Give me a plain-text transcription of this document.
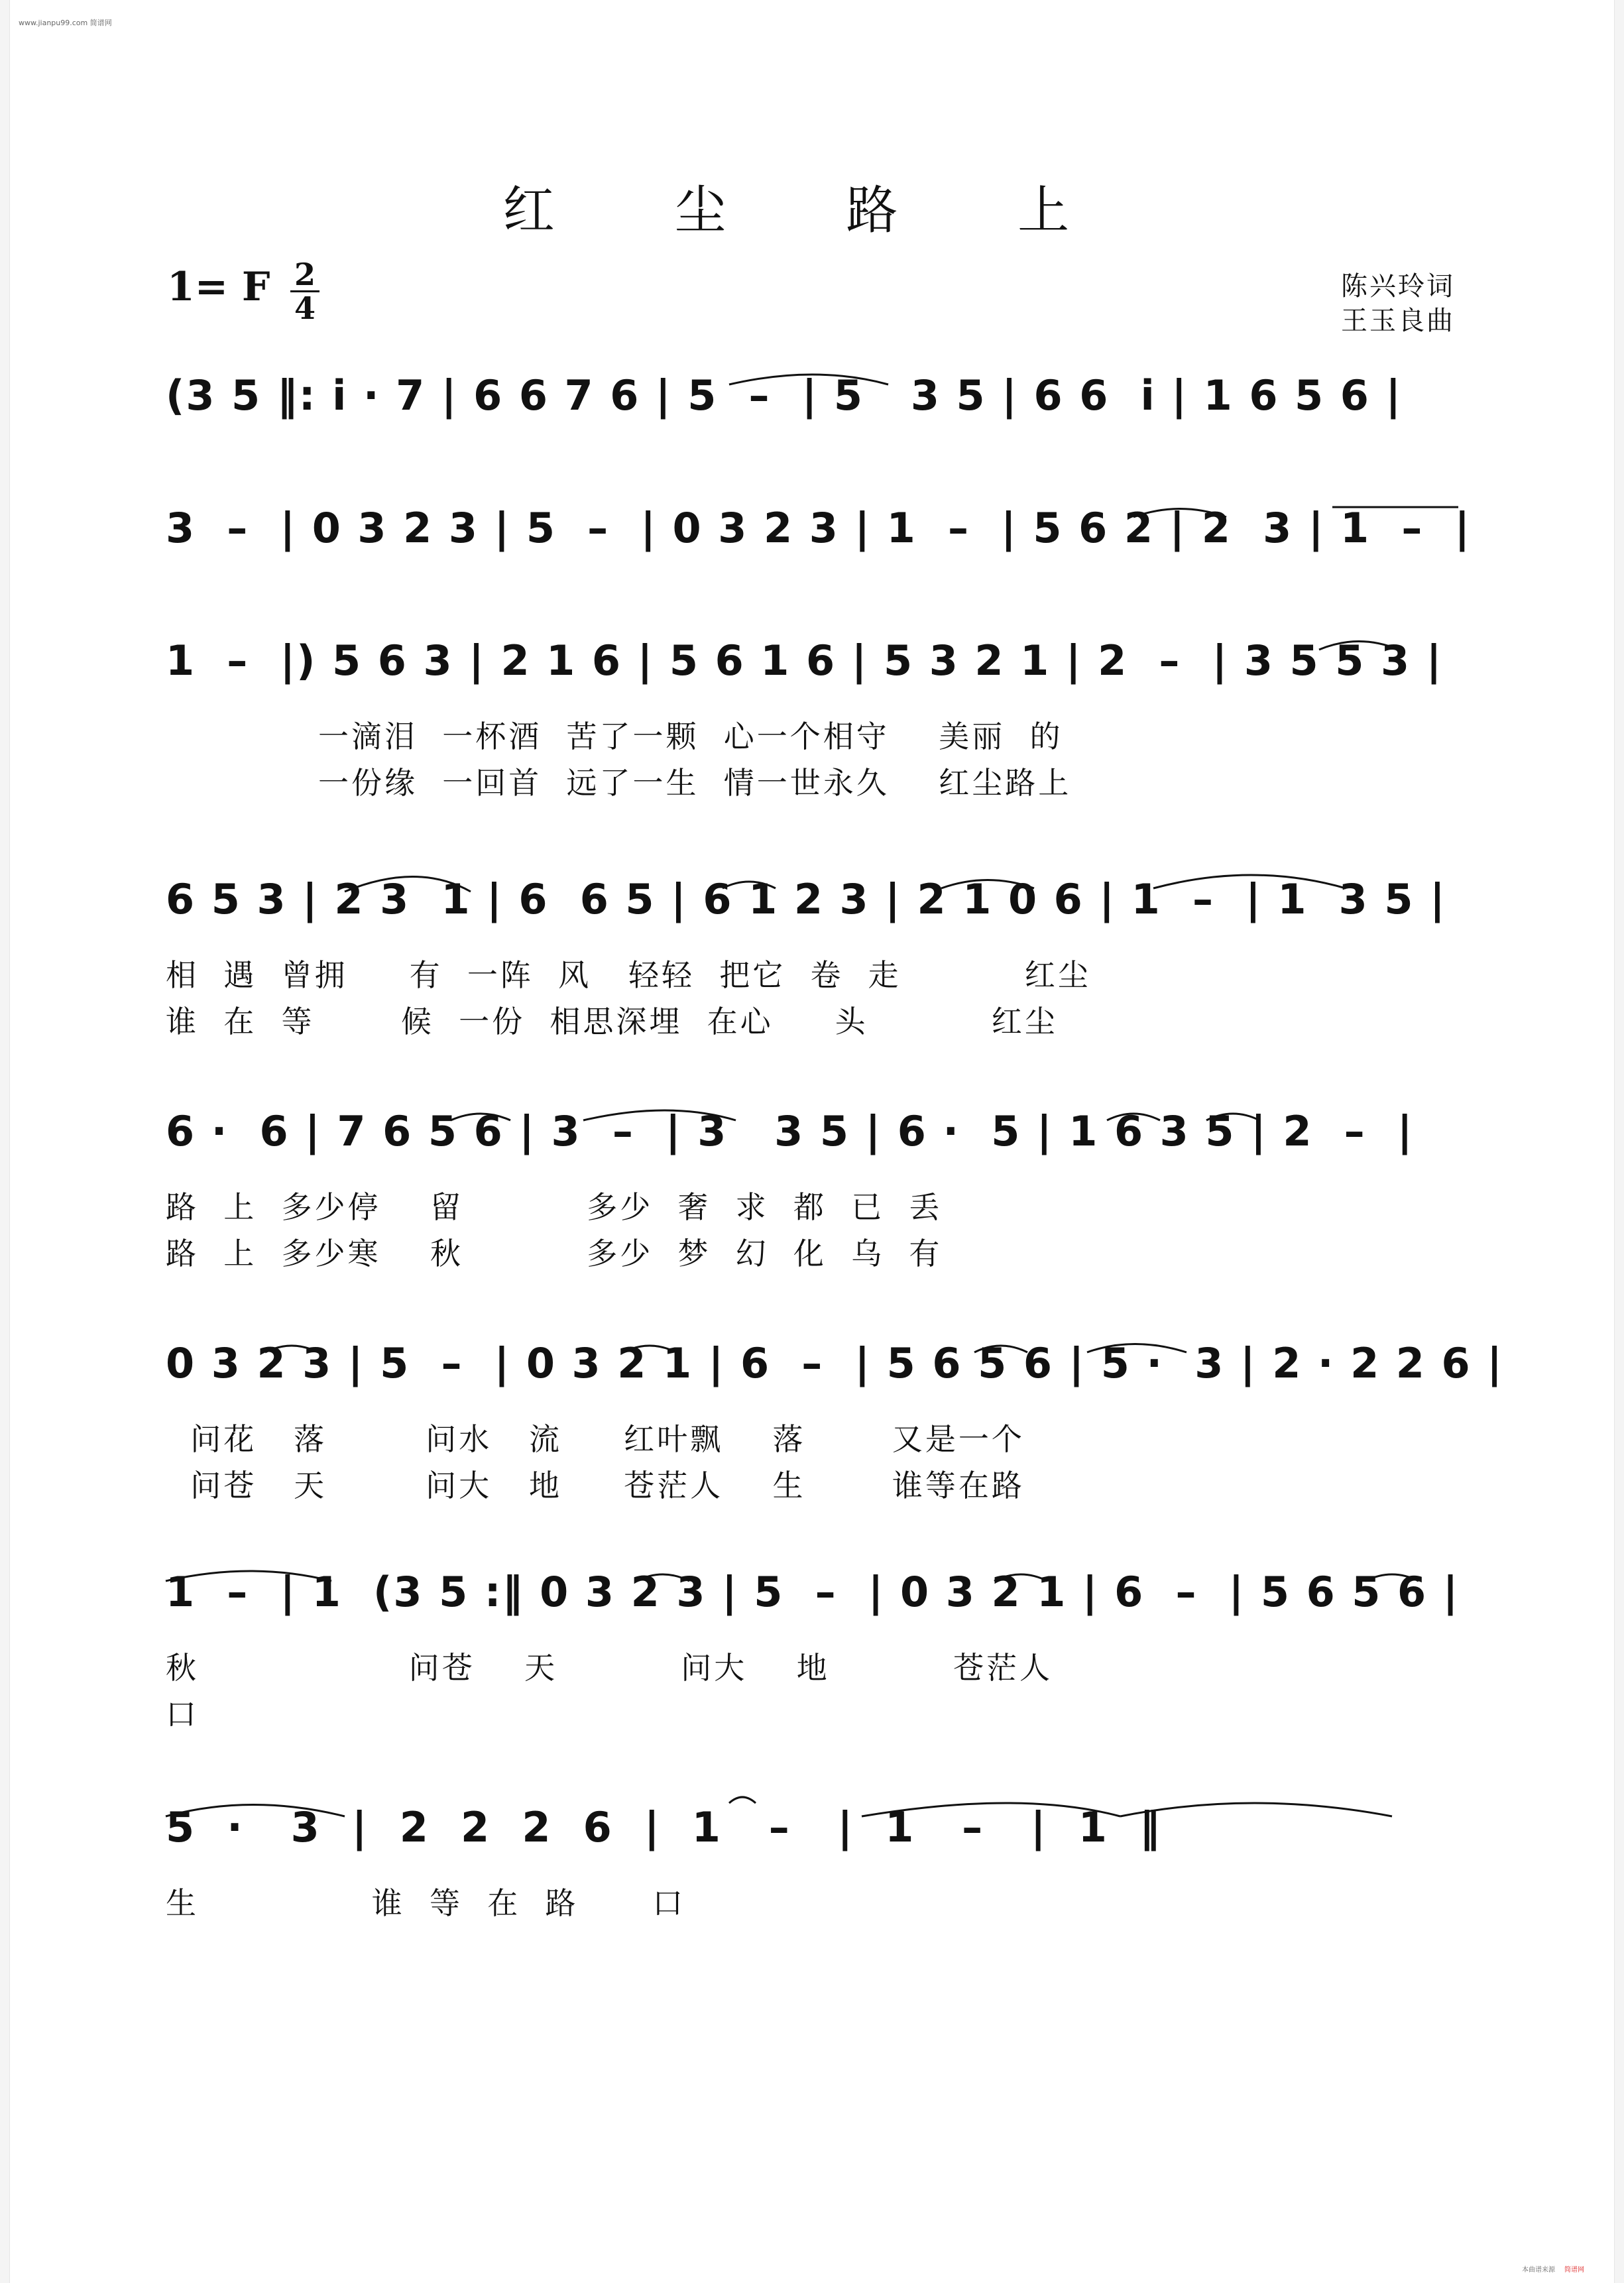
www.jianpu99.com 简谱网
红 尘 路 上
1= F 2
4
陈兴玲词
王玉良曲
(3 5 ‖: i · 7 | 6 6 7 6 | 5  –  | 5   3 5 | 6 6  i | 1 6 5 6 |
3  –  | 0 3 2 3 | 5  –  | 0 3 2 3 | 1  –  | 5 6 2 | 2  3 | 1  –  |
1  –  |) 5 6 3 | 2 1 6 | 5 6 1 6 | 5 3 2 1 | 2  –  | 3 5 5 3 |
一滴泪  一杯酒  苦了一颗  心一个相守    美丽  的
一份缘  一回首  远了一生  情一世永久    红尘路上
6 5 3 | 2 3  1 | 6  6 5 | 6 1 2 3 | 2 1 0 6 | 1  –  | 1  3 5 |
相  遇  曾拥     有  一阵  风   轻轻  把它  卷  走          红尘
谁  在  等       候  一份  相思深埋  在心     头          红尘
6 ·  6 | 7 6 5 6 | 3  –  | 3   3 5 | 6 ·  5 | 1 6 3 5 | 2  –  |
路  上  多少停    留          多少  奢  求  都  已  丢
路  上  多少寒    秋          多少  梦  幻  化  乌  有
0 3 2 3 | 5  –  | 0 3 2 1 | 6  –  | 5 6 5 6 | 5 ·  3 | 2 · 2 2 6 |
问花   落        问水   流     红叶飘    落       又是一个
问苍   天        问大   地     苍茫人    生       谁等在路
1  –  | 1  (3 5 :‖ 0 3 2 3 | 5  –  | 0 3 2 1 | 6  –  | 5 6 5 6 |
秋                 问苍    天          问大    地          苍茫人
口
5  ·   3  |  2  2  2  6  |  1   –   |  1   –   |  1  ‖
生              谁  等  在  路      口
本曲谱来源 简谱网
